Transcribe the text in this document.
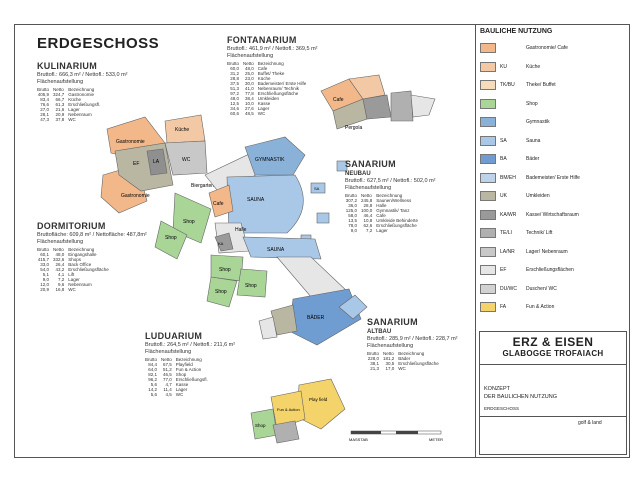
ERDGESCHOSS
Gastronomie
Gastronomie
Küche
EF	LA	WC
Biergarten
Cafe
Pergola
GYMNASTIK
SAUNA
Cafe
SA
Shop
Shop
Shop
Shop
Shop
Halle
KA
SAUNA
BÄDER
Play field
Fun & Action
Shop
MASSTAB	METER
KULINARIUM
Bruttofl.: 666,3 m² / Nettofl.: 533,0 m²
Flächenaufstellung
Brutto	Netto	Bezeichnung
405,9	324,7	Gastronomie
83,4	66,7	Küche
76,6	61,3	Erschließungsfl.
27,0	21,6	Lager
28,1	20,9	Nebenraum
47,3	37,8	WC
FONTANARIUM
Bruttofl.: 461,9 m² / Nettofl.: 369,5 m²
Flächenaufstellung
Brutto	Netto	Bezeichnung
60,0	48,0	Cafe
31,2	25,0	Buffet/ Theke
28,8	23,0	Küche
37,5	30,0	Bademeister/ Erste Hilfe
51,3	41,0	Nebenraum/ Technik
97,2	77,8	Erschließungsfläche
48,0	38,4	Umkleiden
12,5	10,0	Kasse
34,6	27,6	Lager
60,6	48,5	WC
SANARIUM
NEUBAU
Bruttofl.: 627,5 m² / Nettofl.: 502,0 m²
Flächenaufstellung
Brutto	Netto	Bezeichnung
307,2	245,8	Saunen/Wellness
36,0	28,8	Halle
125,0	100,0	Gymnastik/ Tanz
58,0	46,4	Cafe
13,5	10,8	Umkleide Behinderte
78,0	62,6	Erschließungsfläche
9,0	7,2	Lager
DORMITORIUM
Bruttofläche: 609,8 m² / Nettofläche: 487,8m²
Flächenaufstellung
Brutto	Netto	Bezeichnung
60,1	48,0	Eingangshalle
415,7	332,6	Shops
33,0	26,4	Back Office
54,0	43,2	Erschließungsfläche
5,1	4,1	Lift
9,0	7,2	Lager
12,0	9,6	Nebenraum
20,9	16,8	WC
LUDUARIUM
Bruttofl.: 264,5 m² / Nettofl.: 211,6 m²
Flächenaufstellung
Brutto	Netto	Bezeichnung
84,4	67,5	Playfield
64,0	51,2	Fun & Action
82,1	46,5	Shop
96,2	77,0	Erschließungsfl.
5,6	4,7	Kasse
14,2	11,4	Lager
5,6	4,5	WC
SANARIUM
ALTBAU
Bruttofl.: 285,9 m² / Nettofl.: 228,7 m²
Flächenaufstellung
Brutto	Netto	Bezeichnung
228,0	181,2	Bäder
38,1	30,5	Erschließungsfläche
21,3	17,0	WC
BAULICHE NUTZUNG
Gastronomie/ Cafe
KU	Küche
TK/BU	Theke/ Buffet
Shop
Gymnastik
SA	Sauna
BA	Bäder
BM/EH	Bademeister/ Erste Hilfe
UK	Umkleiden
KA/WR	Kasse/ Wirtschaftsraum
TE/LI	Technik/ Lift
LA/NR	Lager/ Nebenraum
EF	Erschließungsflächen
DU/WC	Duschen/ WC
FA	Fun & Action
ERZ & EISEN
GLABOGGE TROFAIACH
KONZEPT
DER BAULICHEN NUTZUNG
ERDGESCHOSS
golf & land
